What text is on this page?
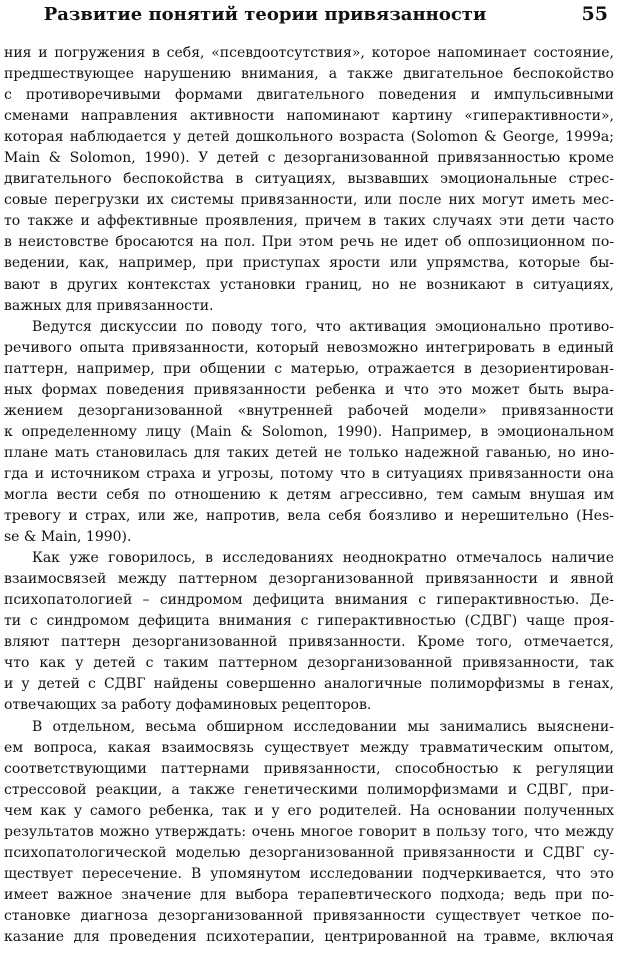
Развитие понятий теории привязанности	55
ния и погружения в себя, «псевдоотсутствия», которое напоминает состояние,
предшествующее нарушению внимания, а также двигательное беспокойство
с противоречивыми формами двигательного поведения и импульсивными
сменами направления активности напоминают картину «гиперактивности»,
которая наблюдается у детей дошкольного возраста (Solomon & George, 1999a;
Main & Solomon, 1990). У детей с дезорганизованной привязанностью кроме
двигательного беспокойства в ситуациях, вызвавших эмоциональные стрес-
совые перегрузки их системы привязанности, или после них могут иметь мес-
то также и аффективные проявления, причем в таких случаях эти дети часто
в неистовстве бросаются на пол. При этом речь не идет об оппозиционном по-
ведении, как, например, при приступах ярости или упрямства, которые бы-
вают в других контекстах установки границ, но не возникают в ситуациях,
важных для привязанности.
Ведутся дискуссии по поводу того, что активация эмоционально противо-
речивого опыта привязанности, который невозможно интегрировать в единый
паттерн, например, при общении с матерью, отражается в дезориентирован-
ных формах поведения привязанности ребенка и что это может быть выра-
жением дезорганизованной «внутренней рабочей модели» привязанности
к определенному лицу (Main & Solomon, 1990). Например, в эмоциональном
плане мать становилась для таких детей не только надежной гаванью, но ино-
гда и источником страха и угрозы, потому что в ситуациях привязанности она
могла вести себя по отношению к детям агрессивно, тем самым внушая им
тревогу и страх, или же, напротив, вела себя боязливо и нерешительно (Hes-
se & Main, 1990).
Как уже говорилось, в исследованиях неоднократно отмечалось наличие
взаимосвязей между паттерном дезорганизованной привязанности и явной
психопатологией – синдромом дефицита внимания с гиперактивностью. Де-
ти с синдромом дефицита внимания с гиперактивностью (СДВГ) чаще проя-
вляют паттерн дезорганизованной привязанности. Кроме того, отмечается,
что как у детей с таким паттерном дезорганизованной привязанности, так
и у детей с СДВГ найдены совершенно аналогичные полиморфизмы в генах,
отвечающих за работу дофаминовых рецепторов.
В отдельном, весьма обширном исследовании мы занимались выяснени-
ем вопроса, какая взаимосвязь существует между травматическим опытом,
соответствующими паттернами привязанности, способностью к регуляции
стрессовой реакции, а также генетическими полиморфизмами и СДВГ, при-
чем как у самого ребенка, так и у его родителей. На основании полученных
результатов можно утверждать: очень многое говорит в пользу того, что между
психопатологической моделью дезорганизованной привязанности и СДВГ су-
ществует пересечение. В упомянутом исследовании подчеркивается, что это
имеет важное значение для выбора терапевтического подхода; ведь при по-
становке диагноза дезорганизованной привязанности существует четкое по-
казание для проведения психотерапии, центрированной на травме, включая
